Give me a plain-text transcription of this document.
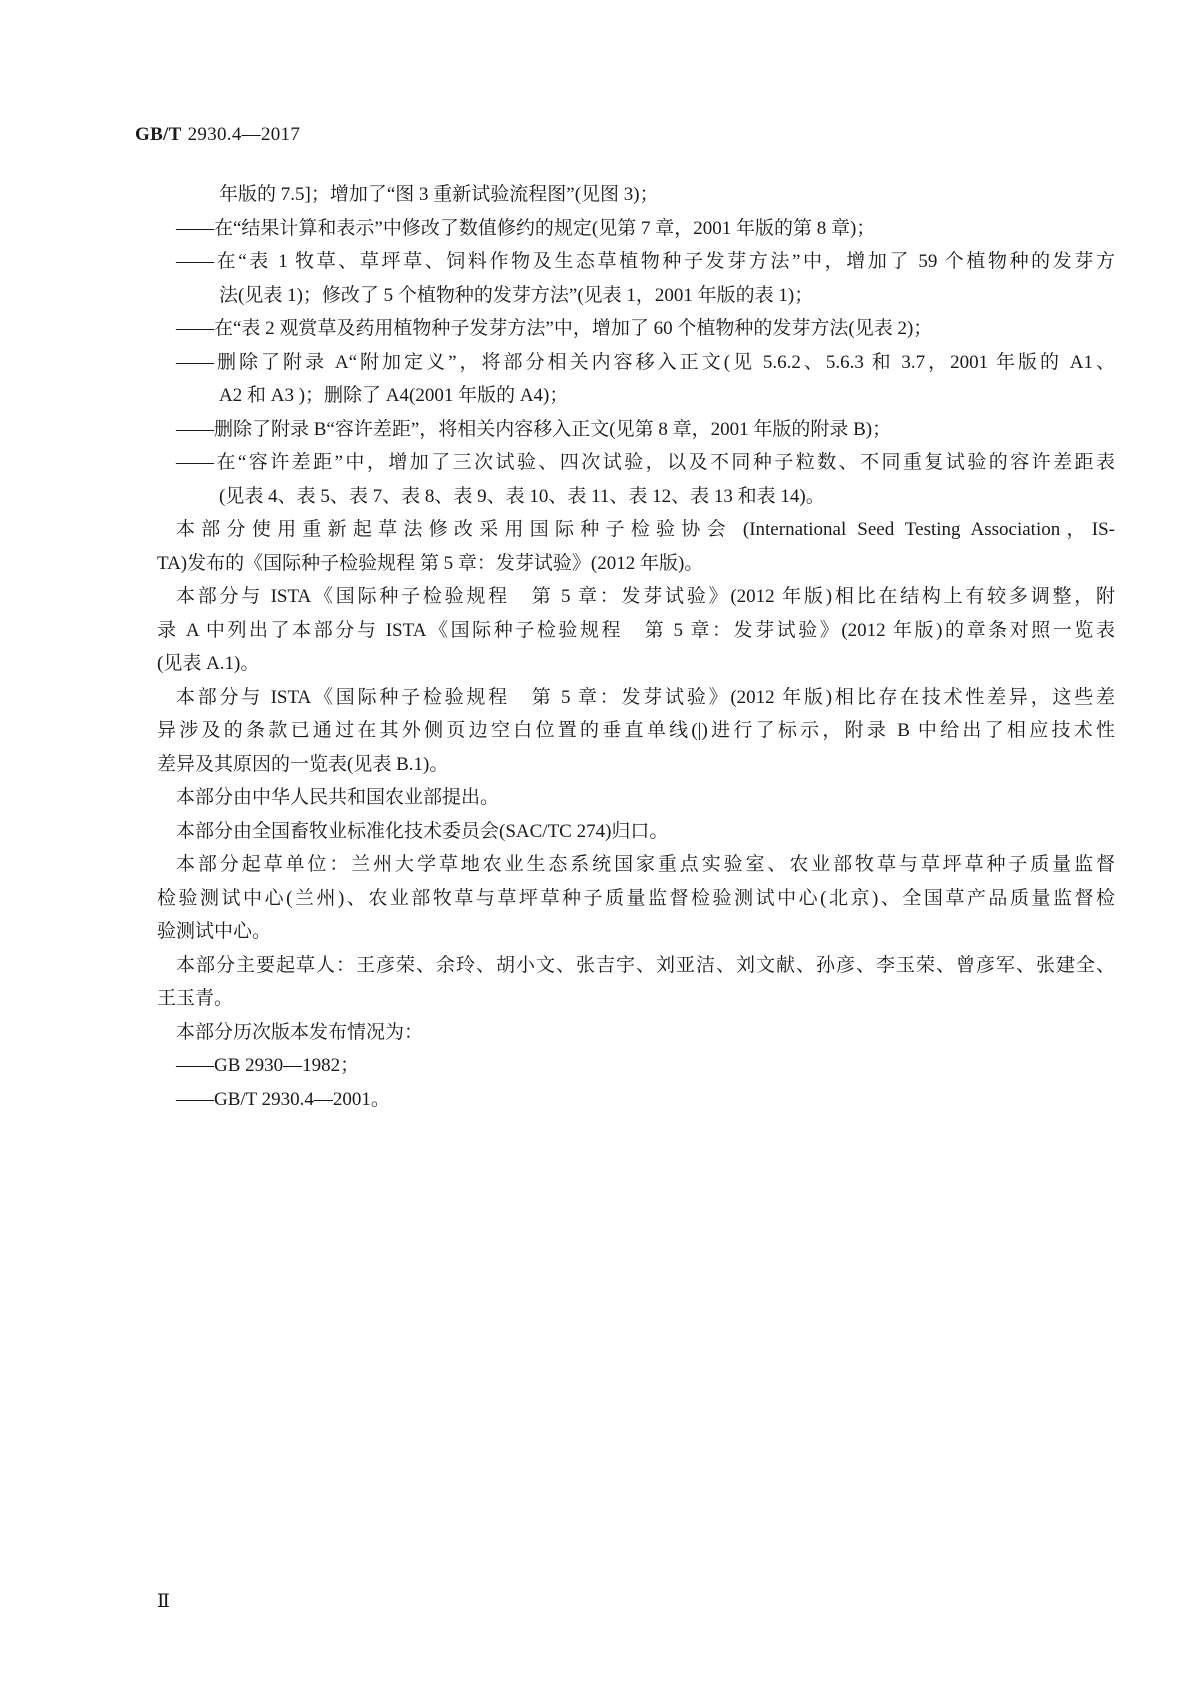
GB/T 2930.4—2017
年版的 7.5]；增加了“图 3 重新试验流程图”(见图 3)；
——在“结果计算和表示”中修改了数值修约的规定(见第 7 章，2001 年版的第 8 章)；
——在“表 1 牧草、草坪草、饲料作物及生态草植物种子发芽方法”中，增加了 59 个植物种的发芽方
法(见表 1)；修改了 5 个植物种的发芽方法”(见表 1，2001 年版的表 1)；
——在“表 2 观赏草及药用植物种子发芽方法”中，增加了 60 个植物种的发芽方法(见表 2)；
——删除了附录 A“附加定义”，将部分相关内容移入正文(见 5.6.2、5.6.3 和 3.7，2001 年版的 A1、
A2 和 A3 )；删除了 A4(2001 年版的 A4)；
——删除了附录 B“容许差距”，将相关内容移入正文(见第 8 章，2001 年版的附录 B)；
——在“容许差距”中，增加了三次试验、四次试验，以及不同种子粒数、不同重复试验的容许差距表
(见表 4、表 5、表 7、表 8、表 9、表 10、表 11、表 12、表 13 和表 14)。
本部分使用重新起草法修改采用国际种子检验协会 (International Seed Testing Association，IS-
TA)发布的《国际种子检验规程 第 5 章：发芽试验》(2012 年版)。
本部分与 ISTA《国际种子检验规程　第 5 章：发芽试验》(2012 年版)相比在结构上有较多调整，附
录 A 中列出了本部分与 ISTA《国际种子检验规程　第 5 章：发芽试验》(2012 年版)的章条对照一览表
(见表 A.1)。
本部分与 ISTA《国际种子检验规程　第 5 章：发芽试验》(2012 年版)相比存在技术性差异，这些差
异涉及的条款已通过在其外侧页边空白位置的垂直单线(|)进行了标示，附录 B 中给出了相应技术性
差异及其原因的一览表(见表 B.1)。
本部分由中华人民共和国农业部提出。
本部分由全国畜牧业标准化技术委员会(SAC/TC 274)归口。
本部分起草单位：兰州大学草地农业生态系统国家重点实验室、农业部牧草与草坪草种子质量监督
检验测试中心(兰州)、农业部牧草与草坪草种子质量监督检验测试中心(北京)、全国草产品质量监督检
验测试中心。
本部分主要起草人：王彦荣、余玲、胡小文、张吉宇、刘亚洁、刘文献、孙彦、李玉荣、曾彦军、张建全、
王玉青。
本部分历次版本发布情况为：
——GB 2930—1982；
——GB/T 2930.4—2001。
Ⅱ
